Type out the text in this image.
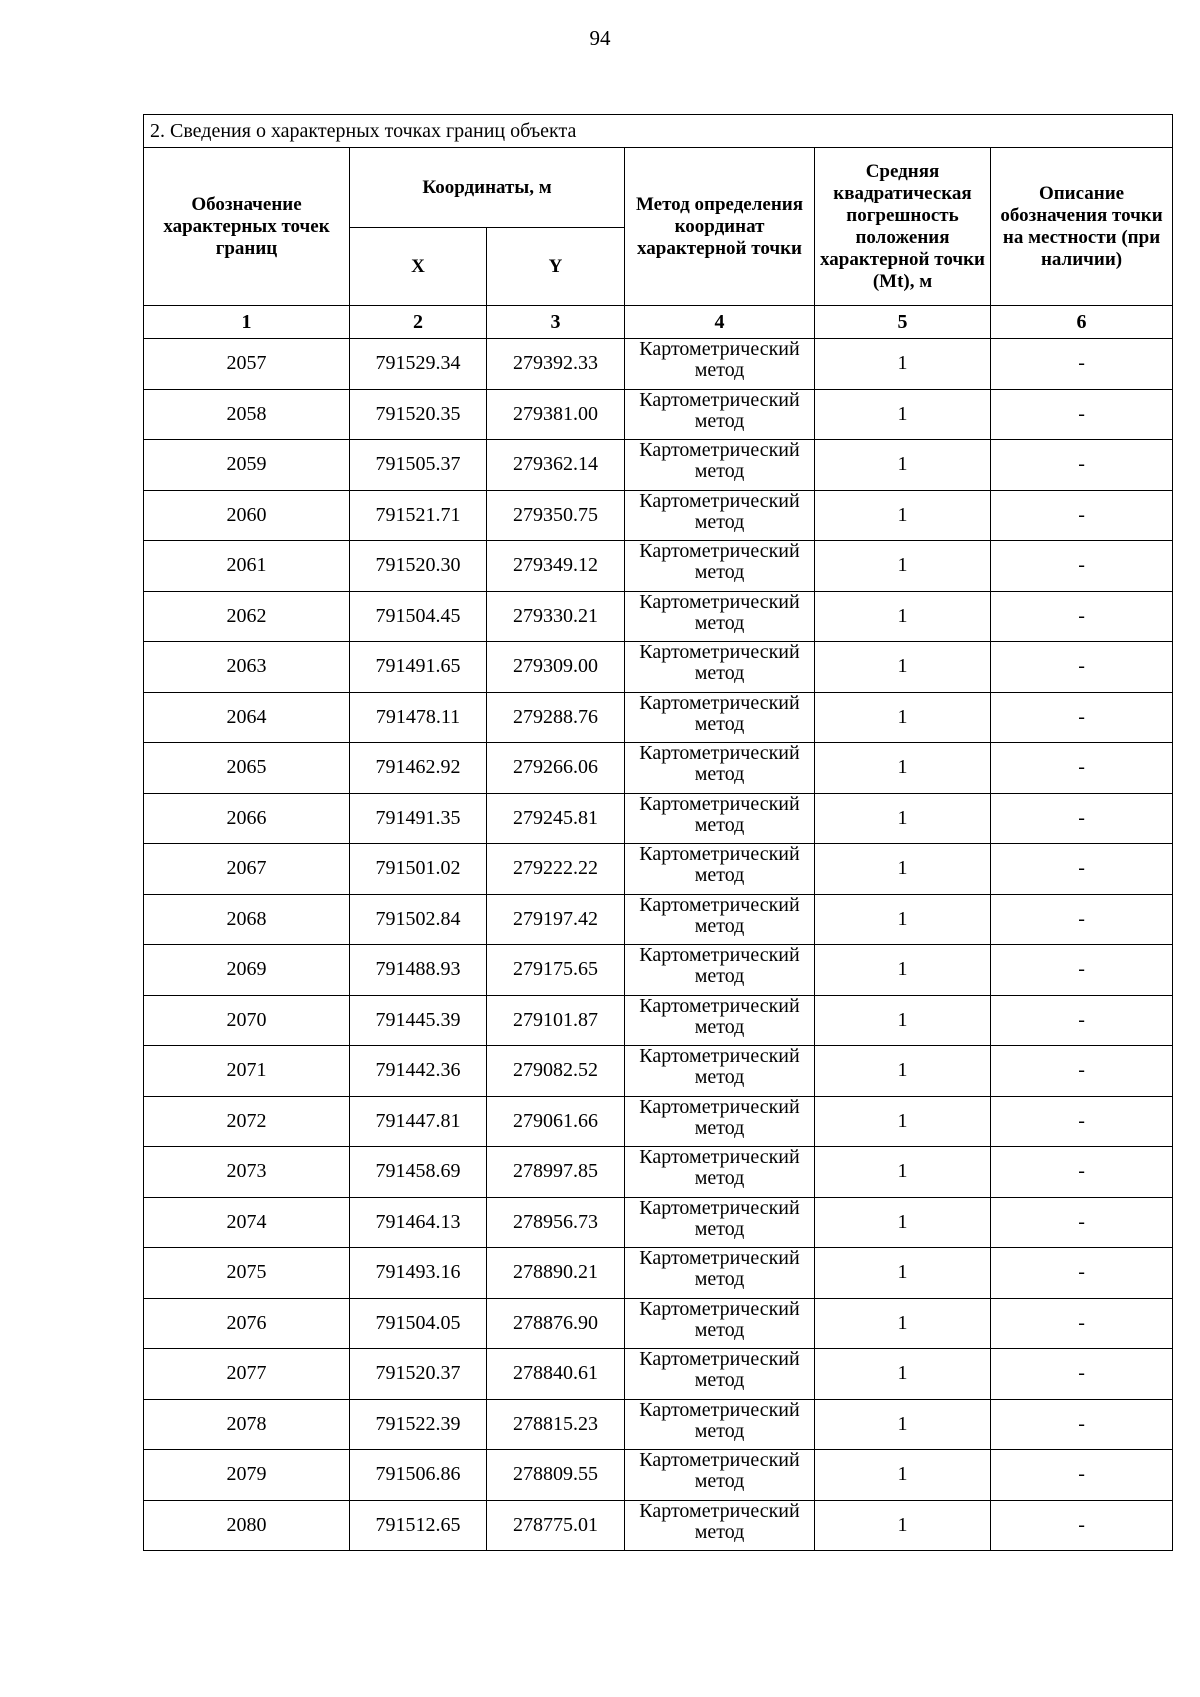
94
2. Сведения о характерных точках границ объекта					
Обозначение характерных точек границ	Координаты, м		Метод определения координат характерной точки	Средняя квадратическая погрешность положения характерной точки (Mt), м	Описание обозначения точки на местности (при наличии)
	X	Y			
1	2	3	4	5	6
2057	791529.34	279392.33	Картометрический метод	1	-
2058	791520.35	279381.00	Картометрический метод	1	-
2059	791505.37	279362.14	Картометрический метод	1	-
2060	791521.71	279350.75	Картометрический метод	1	-
2061	791520.30	279349.12	Картометрический метод	1	-
2062	791504.45	279330.21	Картометрический метод	1	-
2063	791491.65	279309.00	Картометрический метод	1	-
2064	791478.11	279288.76	Картометрический метод	1	-
2065	791462.92	279266.06	Картометрический метод	1	-
2066	791491.35	279245.81	Картометрический метод	1	-
2067	791501.02	279222.22	Картометрический метод	1	-
2068	791502.84	279197.42	Картометрический метод	1	-
2069	791488.93	279175.65	Картометрический метод	1	-
2070	791445.39	279101.87	Картометрический метод	1	-
2071	791442.36	279082.52	Картометрический метод	1	-
2072	791447.81	279061.66	Картометрический метод	1	-
2073	791458.69	278997.85	Картометрический метод	1	-
2074	791464.13	278956.73	Картометрический метод	1	-
2075	791493.16	278890.21	Картометрический метод	1	-
2076	791504.05	278876.90	Картометрический метод	1	-
2077	791520.37	278840.61	Картометрический метод	1	-
2078	791522.39	278815.23	Картометрический метод	1	-
2079	791506.86	278809.55	Картометрический метод	1	-
2080	791512.65	278775.01	Картометрический метод	1	-
